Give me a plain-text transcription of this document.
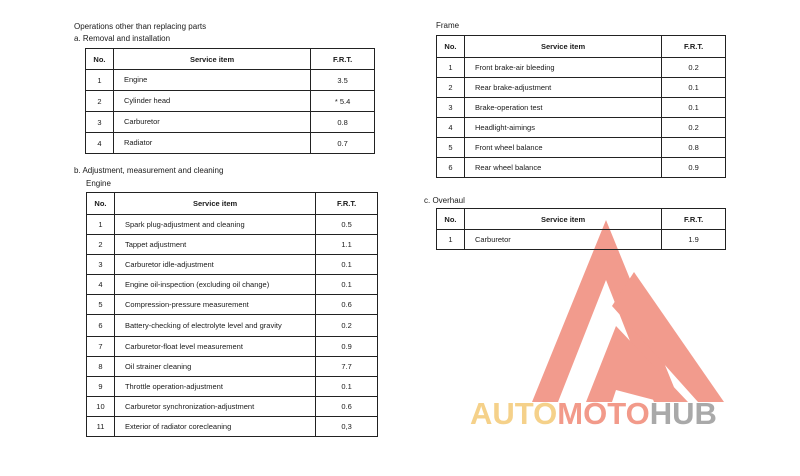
AUTOMOTOHUB
Operations other than replacing parts
a. Removal and installation
No.	Service item	F.R.T.
1	Engine	3.5
2	Cylinder head	* 5.4
3	Carburetor	0.8
4	Radiator	0.7
b. Adjustment, measurement and cleaning
Engine
No.	Service item	F.R.T.
1	Spark plug-adjustment and cleaning	0.5
2	Tappet adjustment	1.1
3	Carburetor idle-adjustment	0.1
4	Engine oil-inspection (excluding oil change)	0.1
5	Compression-pressure measurement	0.6
6	Battery-checking of electrolyte level and gravity	0.2
7	Carburetor-float level measurement	0.9
8	Oil strainer cleaning	7.7
9	Throttle operation-adjustment	0.1
10	Carburetor synchronization-adjustment	0.6
11	Exterior of radiator corecleaning	0,3
Frame
No.	Service item	F.R.T.
1	Front brake-air bleeding	0.2
2	Rear brake-adjustment	0.1
3	Brake-operation test	0.1
4	Headlight-aimings	0.2
5	Front wheel balance	0.8
6	Rear wheel balance	0.9
c. Overhaul
No.	Service item	F.R.T.
1	Carburetor	1.9
